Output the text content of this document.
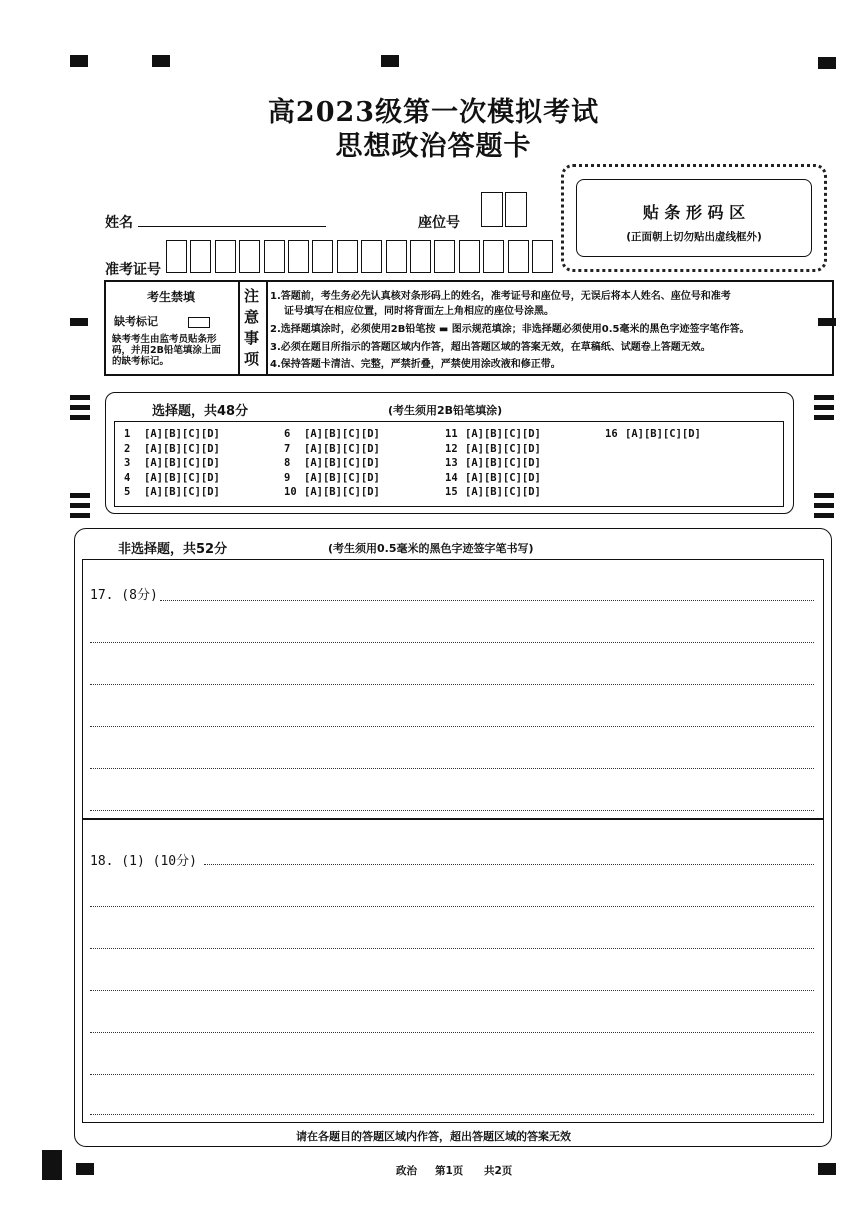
高2023级第一次模拟考试
思想政治答题卡
姓名	座位号
准考证号
贴 条 形 码 区
(正面朝上切勿贴出虚线框外)
考生禁填
缺考标记
缺考考生由监考员贴条形
码，并用2B铅笔填涂上面
的缺考标记。
注
意
事
项
1.答题前，考生务必先认真核对条形码上的姓名，准考证号和座位号，无误后将本人姓名、座位号和准考
证号填写在相应位置，同时将背面左上角相应的座位号涂黑。
2.选择题填涂时，必须使用2B铅笔按 ▬ 图示规范填涂；非选择题必须使用0.5毫米的黑色字迹签字笔作答。
3.必须在题目所指示的答题区域内作答，超出答题区域的答案无效，在草稿纸、试题卷上答题无效。
4.保持答题卡清洁、完整，严禁折叠，严禁使用涂改液和修正带。
选择题，共48分	(考生须用2B铅笔填涂)
1  [A][B][C][D]
2  [A][B][C][D]
3  [A][B][C][D]
4  [A][B][C][D]
5  [A][B][C][D]
6  [A][B][C][D]
7  [A][B][C][D]
8  [A][B][C][D]
9  [A][B][C][D]
10 [A][B][C][D]
11 [A][B][C][D]
12 [A][B][C][D]
13 [A][B][C][D]
14 [A][B][C][D]
15 [A][B][C][D]
16 [A][B][C][D]
非选择题，共52分	(考生须用0.5毫米的黑色字迹签字笔书写)
17. (8分)
18. (1) (10分)
请在各题目的答题区域内作答，超出答题区域的答案无效
政治 第1页 共2页
